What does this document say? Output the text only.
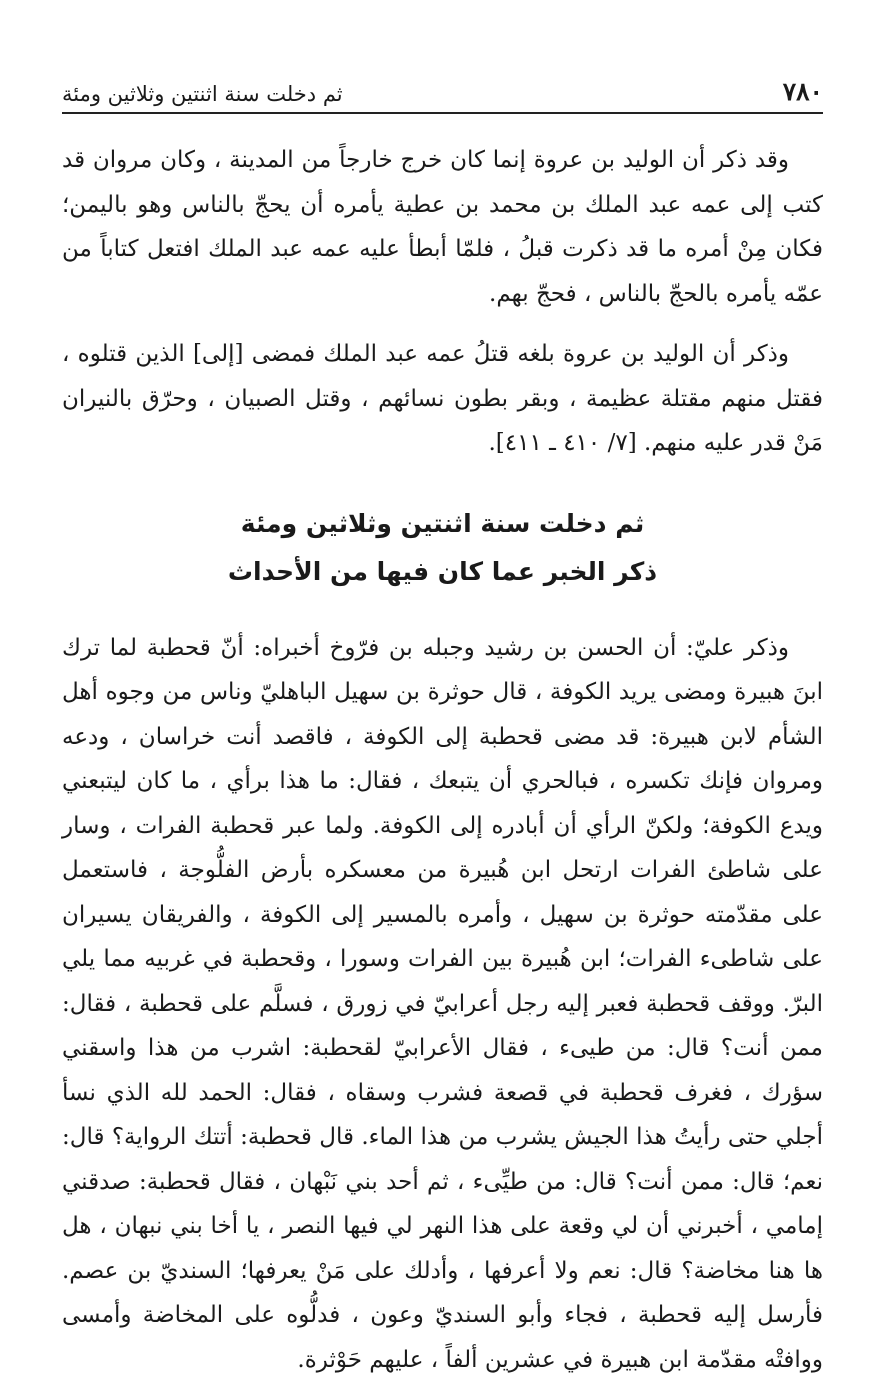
٧٨٠
ثم دخلت سنة اثنتين وثلاثين ومئة

وقد ذكر أن الوليد بن عروة إنما كان خرج خارجاً من المدينة ، وكان مروان قد كتب إلى عمه عبد الملك بن محمد بن عطية يأمره أن يحجّ بالناس وهو باليمن؛ فكان مِنْ أمره ما قد ذكرت قبلُ ، فلمّا أبطأ عليه عمه عبد الملك افتعل كتاباً من عمّه يأمره بالحجّ بالناس ، فحجّ بهم.

وذكر أن الوليد بن عروة بلغه قتلُ عمه عبد الملك فمضى [إلى] الذين قتلوه ، فقتل منهم مقتلة عظيمة ، وبقر بطون نسائهم ، وقتل الصبيان ، وحرّق بالنيران مَنْ قدر عليه منهم. [٧/ ٤١٠ ـ ٤١١].

ثم دخلت سنة اثنتين وثلاثين ومئة

ذكر الخبر عما كان فيها من الأحداث

وذكر عليّ: أن الحسن بن رشيد وجبله بن فرّوخ أخبراه: أنّ قحطبة لما ترك ابنَ هبيرة ومضى يريد الكوفة ، قال حوثرة بن سهيل الباهليّ وناس من وجوه أهل الشأم لابن هبيرة: قد مضى قحطبة إلى الكوفة ، فاقصد أنت خراسان ، ودعه ومروان فإنك تكسره ، فبالحري أن يتبعك ، فقال: ما هذا برأي ، ما كان ليتبعني ويدع الكوفة؛ ولكنّ الرأي أن أبادره إلى الكوفة. ولما عبر قحطبة الفرات ، وسار على شاطئ الفرات ارتحل ابن هُبيرة من معسكره بأرض الفلُّوجة ، فاستعمل على مقدّمته حوثرة بن سهيل ، وأمره بالمسير إلى الكوفة ، والفريقان يسيران على شاطىء الفرات؛ ابن هُبيرة بين الفرات وسورا ، وقحطبة في غربيه مما يلي البرّ. ووقف قحطبة فعبر إليه رجل أعرابيّ في زورق ، فسلَّم على قحطبة ، فقال: ممن أنت؟ قال: من طيىء ، فقال الأعرابيّ لقحطبة: اشرب من هذا واسقني سؤرك ، فغرف قحطبة في قصعة فشرب وسقاه ، فقال: الحمد لله الذي نسأ أجلي حتى رأيتُ هذا الجيش يشرب من هذا الماء. قال قحطبة: أتتك الرواية؟ قال: نعم؛ قال: ممن أنت؟ قال: من طيِّىء ، ثم أحد بني نَبْهان ، فقال قحطبة: صدقني إمامي ، أخبرني أن لي وقعة على هذا النهر لي فيها النصر ، يا أخا بني نبهان ، هل ها هنا مخاضة؟ قال: نعم ولا أعرفها ، وأدلك على مَنْ يعرفها؛ السنديّ بن عصم. فأرسل إليه قحطبة ، فجاء وأبو السنديّ وعون ، فدلُّوه على المخاضة وأمسى ووافتْه مقدّمة ابن هبيرة في عشرين ألفاً ، عليهم حَوْثرة.
